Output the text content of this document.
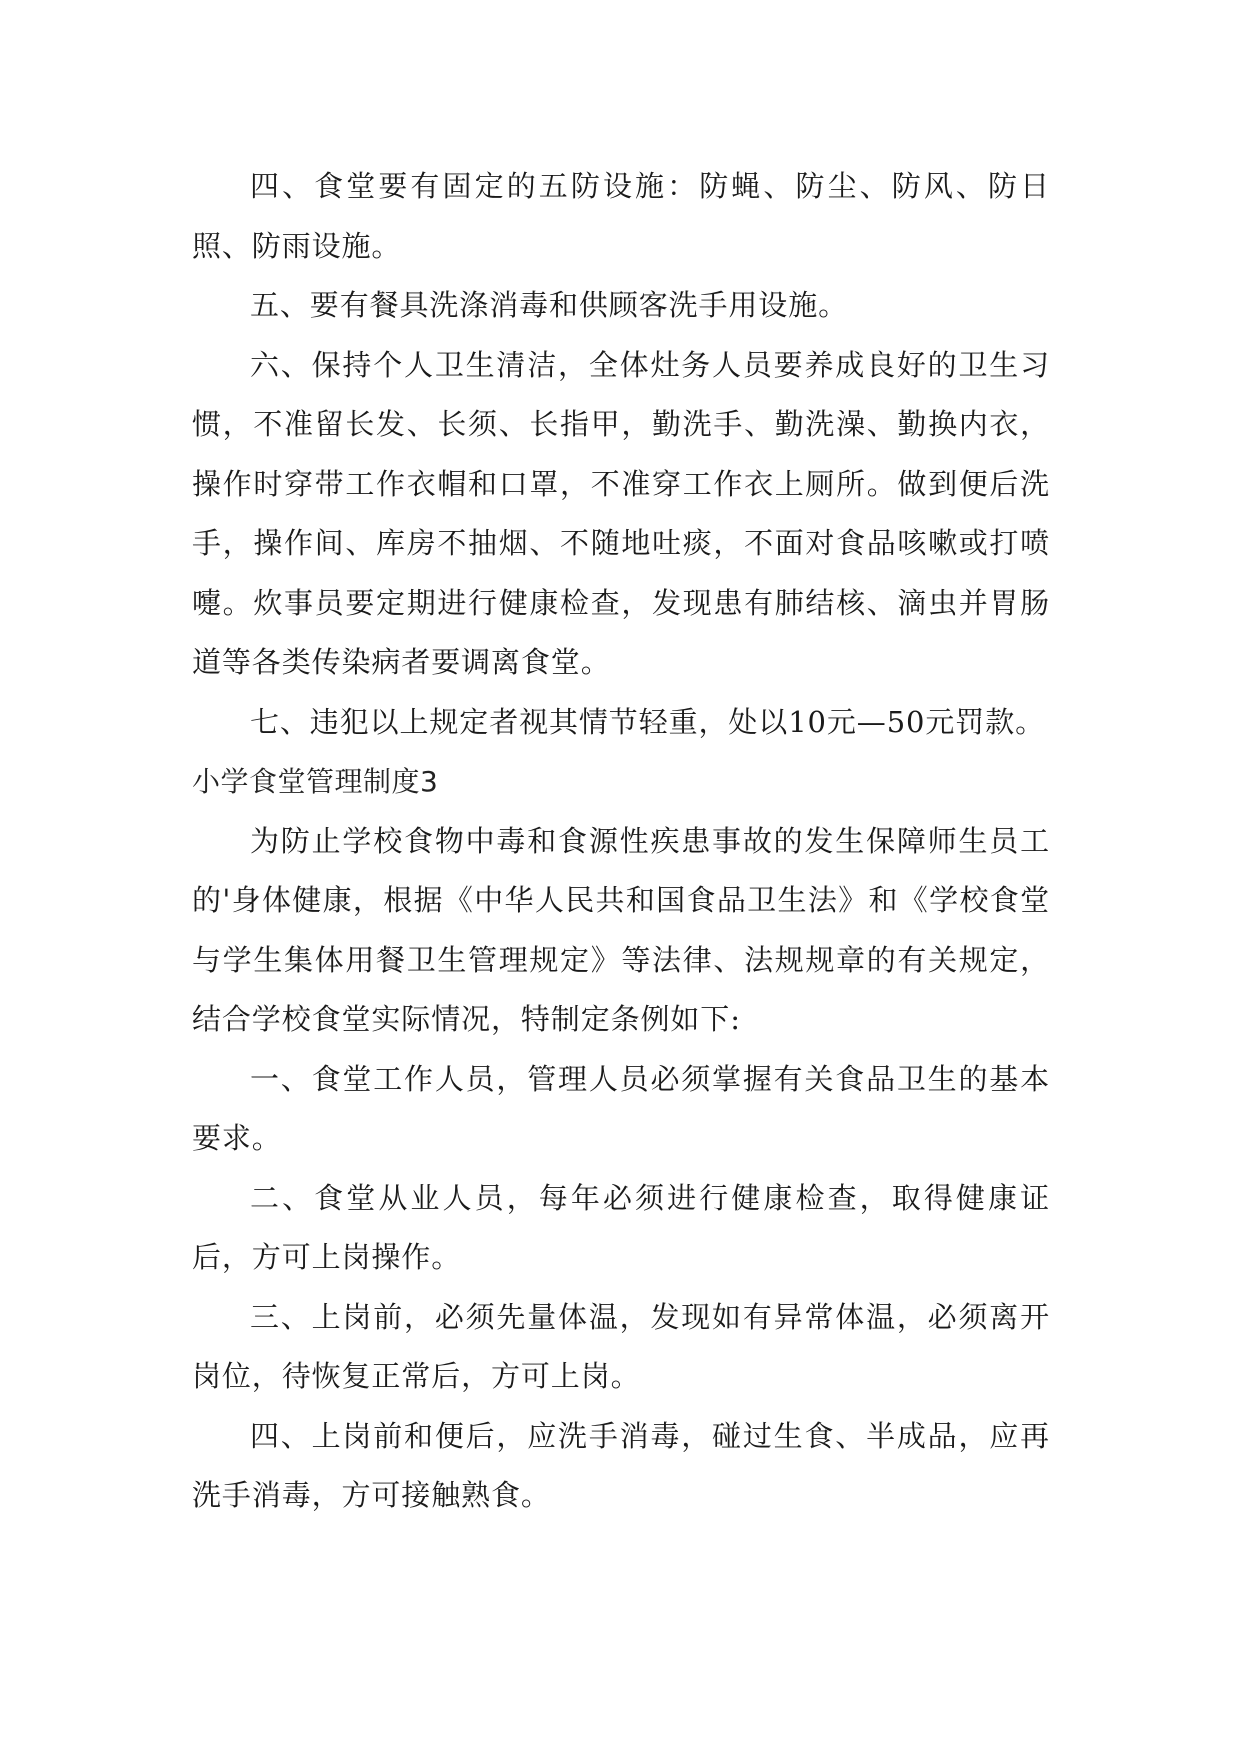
四、食堂要有固定的五防设施：防蝇、防尘、防风、防日照、防雨设施。

五、要有餐具洗涤消毒和供顾客洗手用设施。

六、保持个人卫生清洁，全体灶务人员要养成良好的卫生习惯，不准留长发、长须、长指甲，勤洗手、勤洗澡、勤换内衣，操作时穿带工作衣帽和口罩，不准穿工作衣上厕所。做到便后洗手，操作间、库房不抽烟、不随地吐痰，不面对食品咳嗽或打喷嚏。炊事员要定期进行健康检查，发现患有肺结核、滴虫并胃肠道等各类传染病者要调离食堂。

七、违犯以上规定者视其情节轻重，处以10元—50元罚款。

小学食堂管理制度3

为防止学校食物中毒和食源性疾患事故的发生保障师生员工的'身体健康，根据《中华人民共和国食品卫生法》和《学校食堂与学生集体用餐卫生管理规定》等法律、法规规章的有关规定，结合学校食堂实际情况，特制定条例如下:

一、食堂工作人员，管理人员必须掌握有关食品卫生的基本要求。

二、食堂从业人员，每年必须进行健康检查，取得健康证后，方可上岗操作。

三、上岗前，必须先量体温，发现如有异常体温，必须离开岗位，待恢复正常后，方可上岗。

四、上岗前和便后，应洗手消毒，碰过生食、半成品，应再洗手消毒，方可接触熟食。
